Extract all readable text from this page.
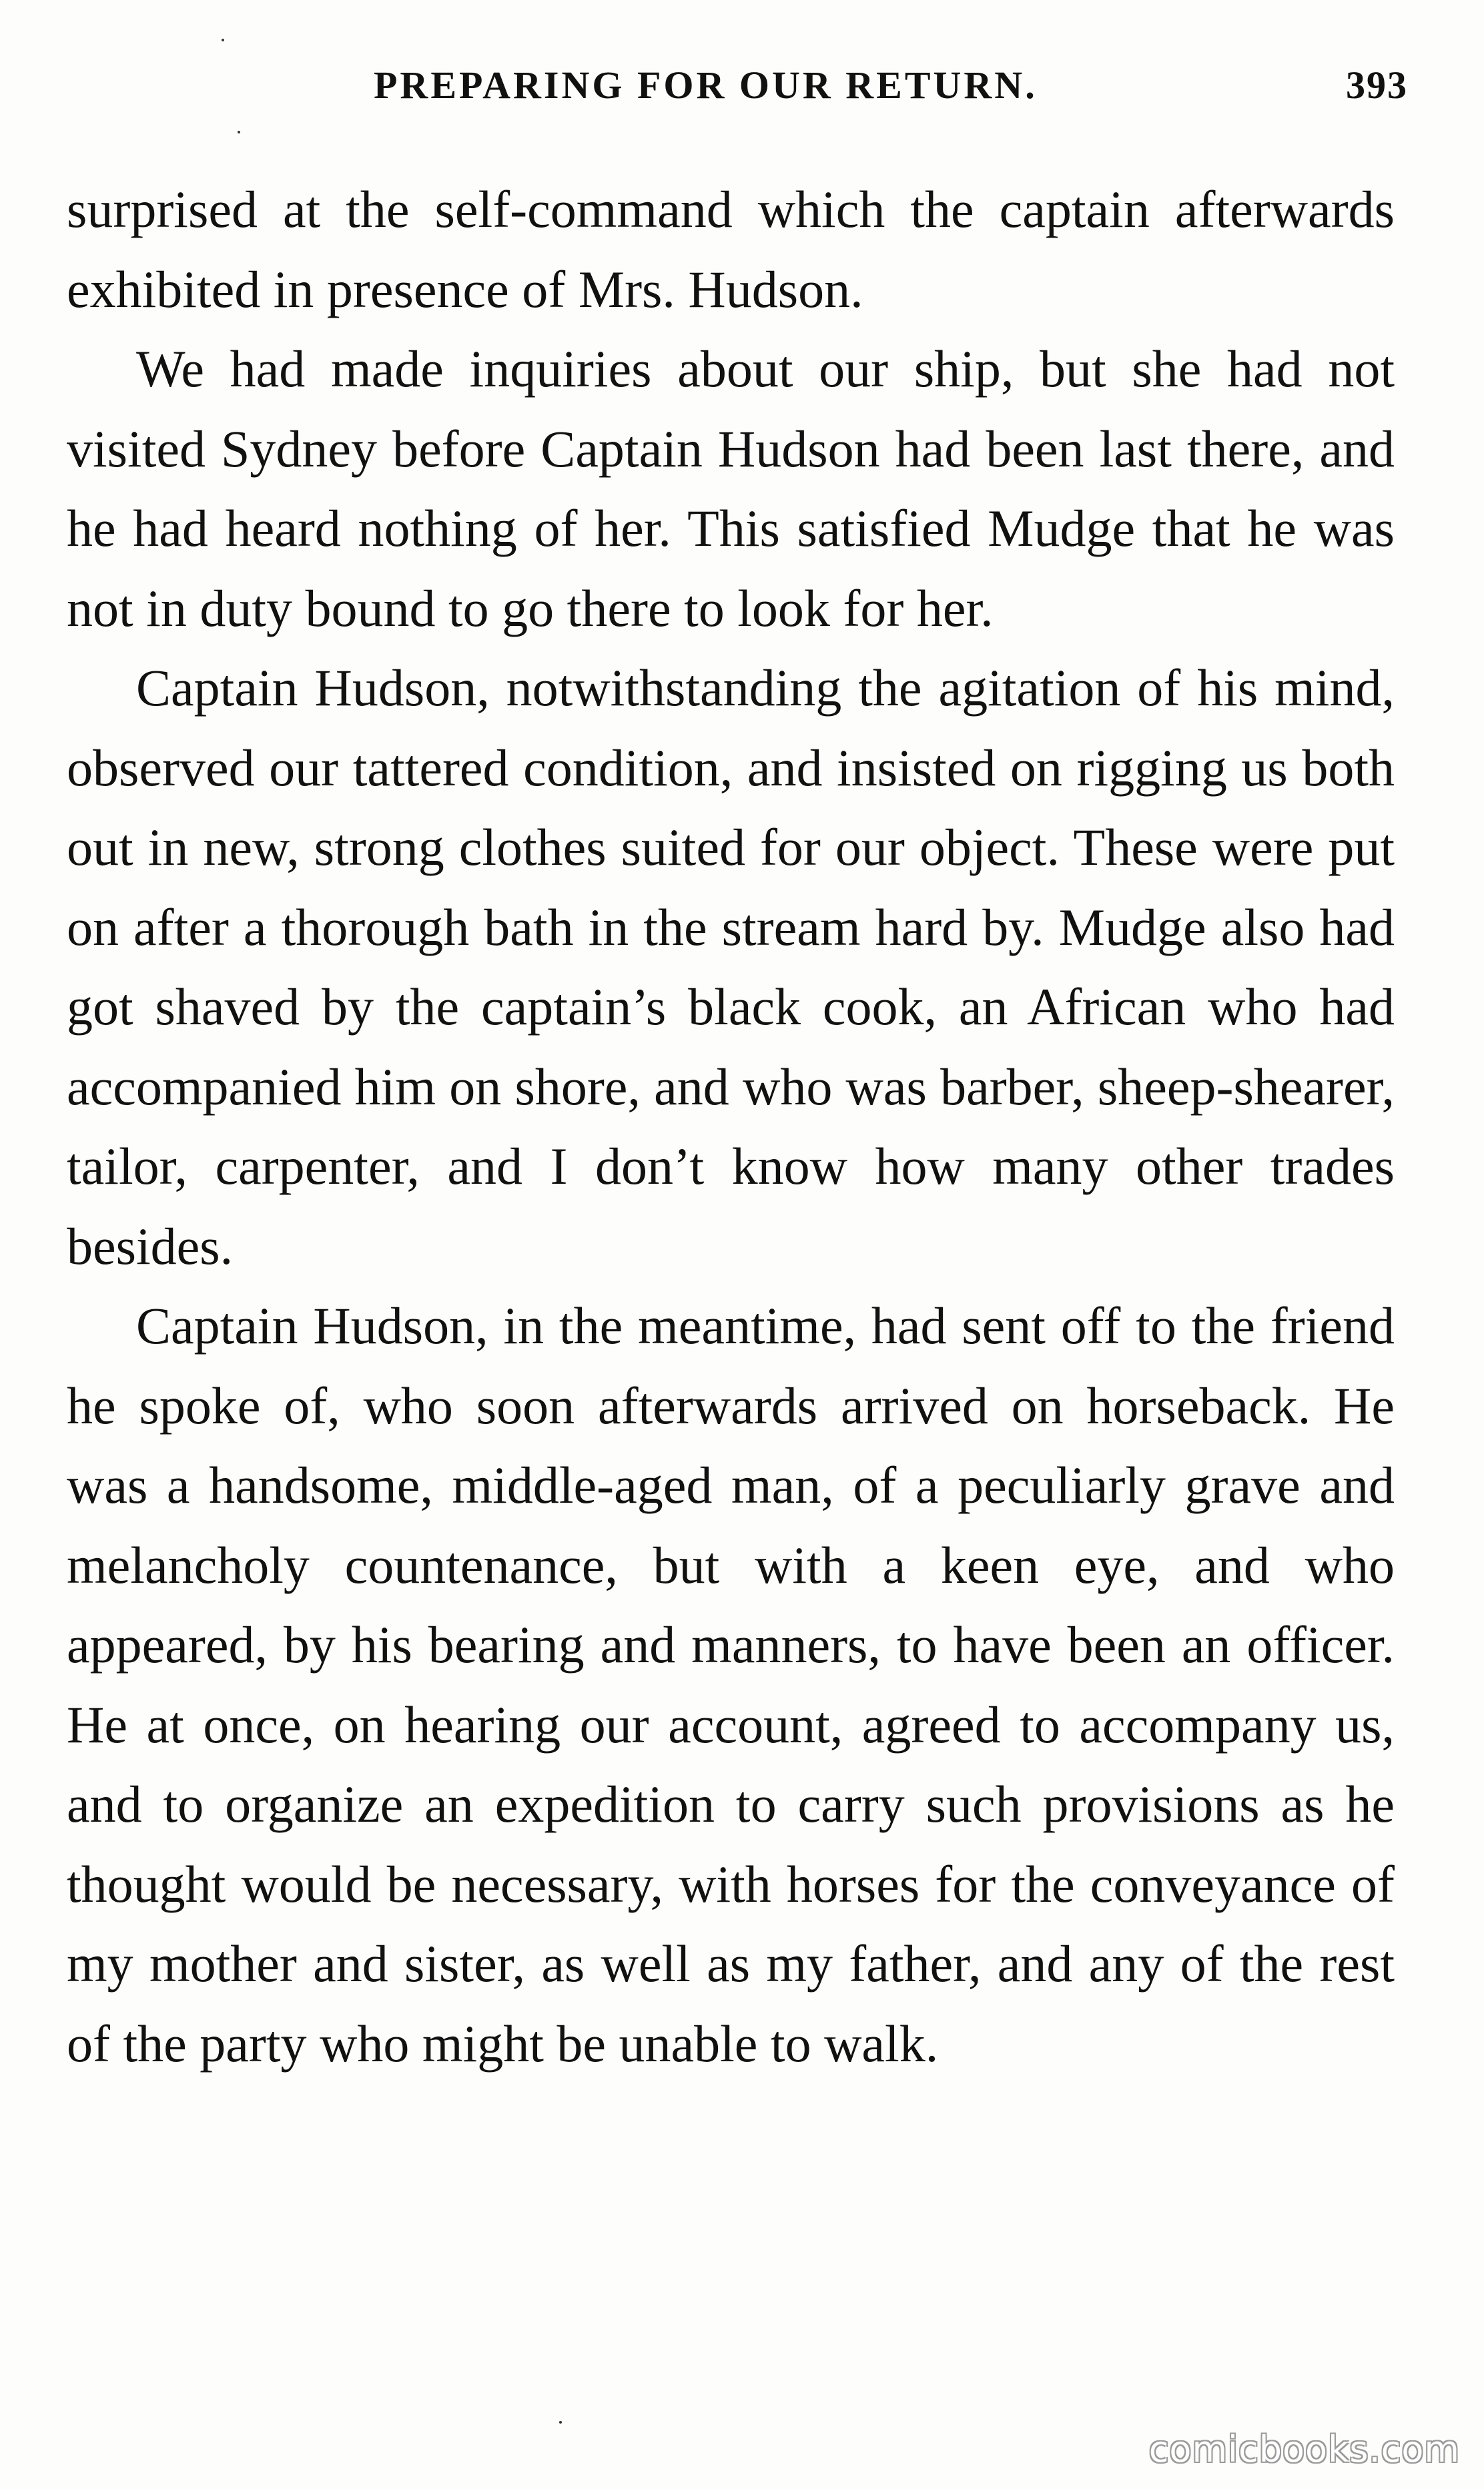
PREPARING FOR OUR RETURN.	393

surprised at the self-command which the captain afterwards exhibited in presence of Mrs. Hudson.

We had made inquiries about our ship, but she had not visited Sydney before Captain Hudson had been last there, and he had heard nothing of her. This satisfied Mudge that he was not in duty bound to go there to look for her.

Captain Hudson, notwithstanding the agitation of his mind, observed our tattered condition, and insisted on rigging us both out in new, strong clothes suited for our object. These were put on after a thorough bath in the stream hard by. Mudge also had got shaved by the captain’s black cook, an African who had accompanied him on shore, and who was barber, sheep-shearer, tailor, carpenter, and I don’t know how many other trades besides.

Captain Hudson, in the meantime, had sent off to the friend he spoke of, who soon afterwards arrived on horseback. He was a handsome, middle-aged man, of a peculiarly grave and melancholy countenance, but with a keen eye, and who appeared, by his bearing and manners, to have been an officer. He at once, on hearing our account, agreed to accompany us, and to organize an expedition to carry such provisions as he thought would be necessary, with horses for the conveyance of my mother and sister, as well as my father, and any of the rest of the party who might be unable to walk.

comicbooks.com
